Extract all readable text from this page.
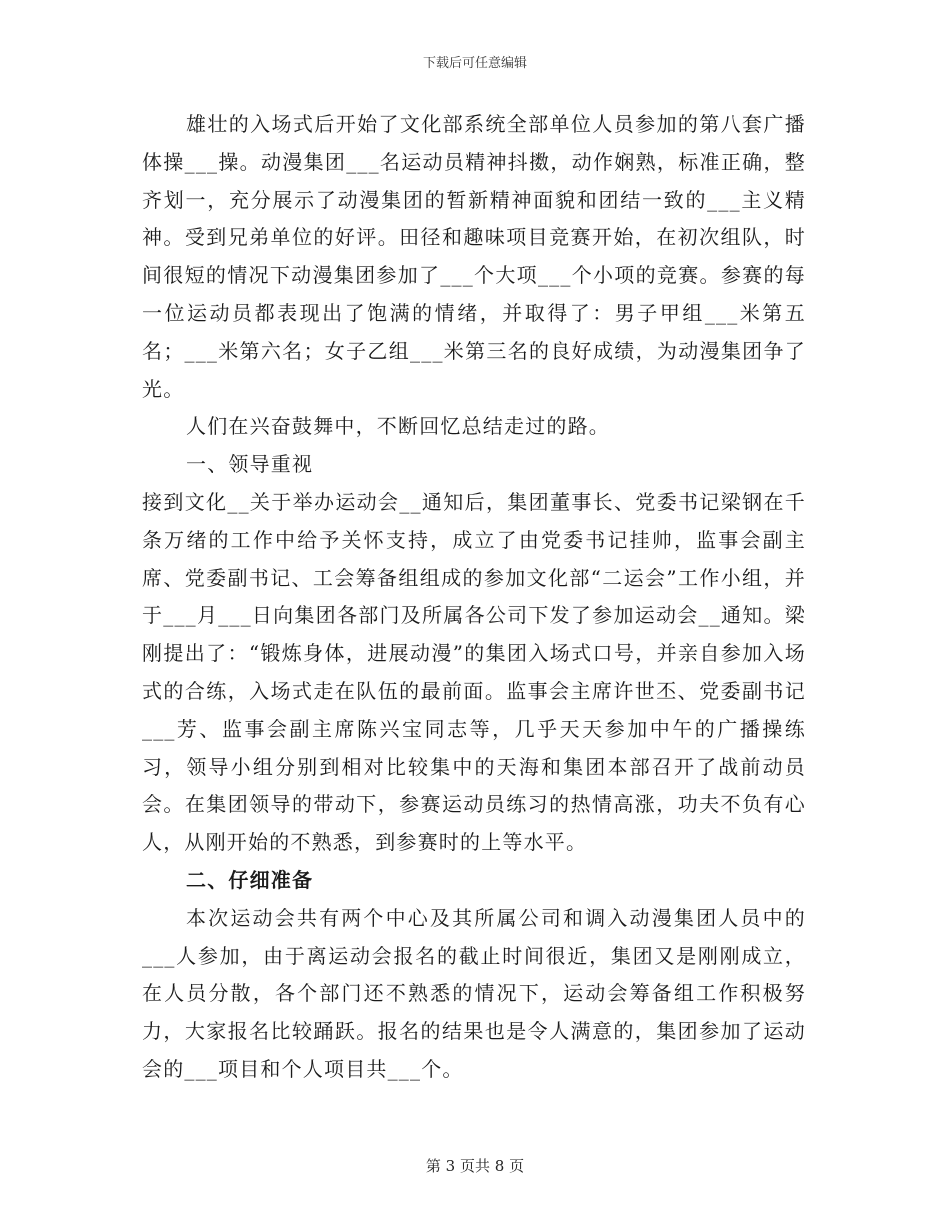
下载后可任意编辑

雄壮的入场式后开始了文化部系统全部单位人员参加的第八套广播体操___操。动漫集团___名运动员精神抖擞，动作娴熟，标准正确，整齐划一，充分展示了动漫集团的暂新精神面貌和团结一致的___主义精神。受到兄弟单位的好评。田径和趣味项目竞赛开始，在初次组队，时间很短的情况下动漫集团参加了___个大项___个小项的竞赛。参赛的每一位运动员都表现出了饱满的情绪，并取得了：男子甲组___米第五名；___米第六名；女子乙组___米第三名的良好成绩，为动漫集团争了光。

人们在兴奋鼓舞中，不断回忆总结走过的路。

一、领导重视

接到文化__关于举办运动会__通知后，集团董事长、党委书记梁钢在千条万绪的工作中给予关怀支持，成立了由党委书记挂帅，监事会副主席、党委副书记、工会筹备组组成的参加文化部“二运会”工作小组，并于___月___日向集团各部门及所属各公司下发了参加运动会__通知。梁刚提出了：“锻炼身体，进展动漫”的集团入场式口号，并亲自参加入场式的合练，入场式走在队伍的最前面。监事会主席许世丕、党委副书记___芳、监事会副主席陈兴宝同志等，几乎天天参加中午的广播操练习，领导小组分别到相对比较集中的天海和集团本部召开了战前动员会。在集团领导的带动下，参赛运动员练习的热情高涨，功夫不负有心人，从刚开始的不熟悉，到参赛时的上等水平。

二、仔细准备

本次运动会共有两个中心及其所属公司和调入动漫集团人员中的___人参加，由于离运动会报名的截止时间很近，集团又是刚刚成立，在人员分散，各个部门还不熟悉的情况下，运动会筹备组工作积极努力，大家报名比较踊跃。报名的结果也是令人满意的，集团参加了运动会的___项目和个人项目共___个。

第 3 页共 8 页
